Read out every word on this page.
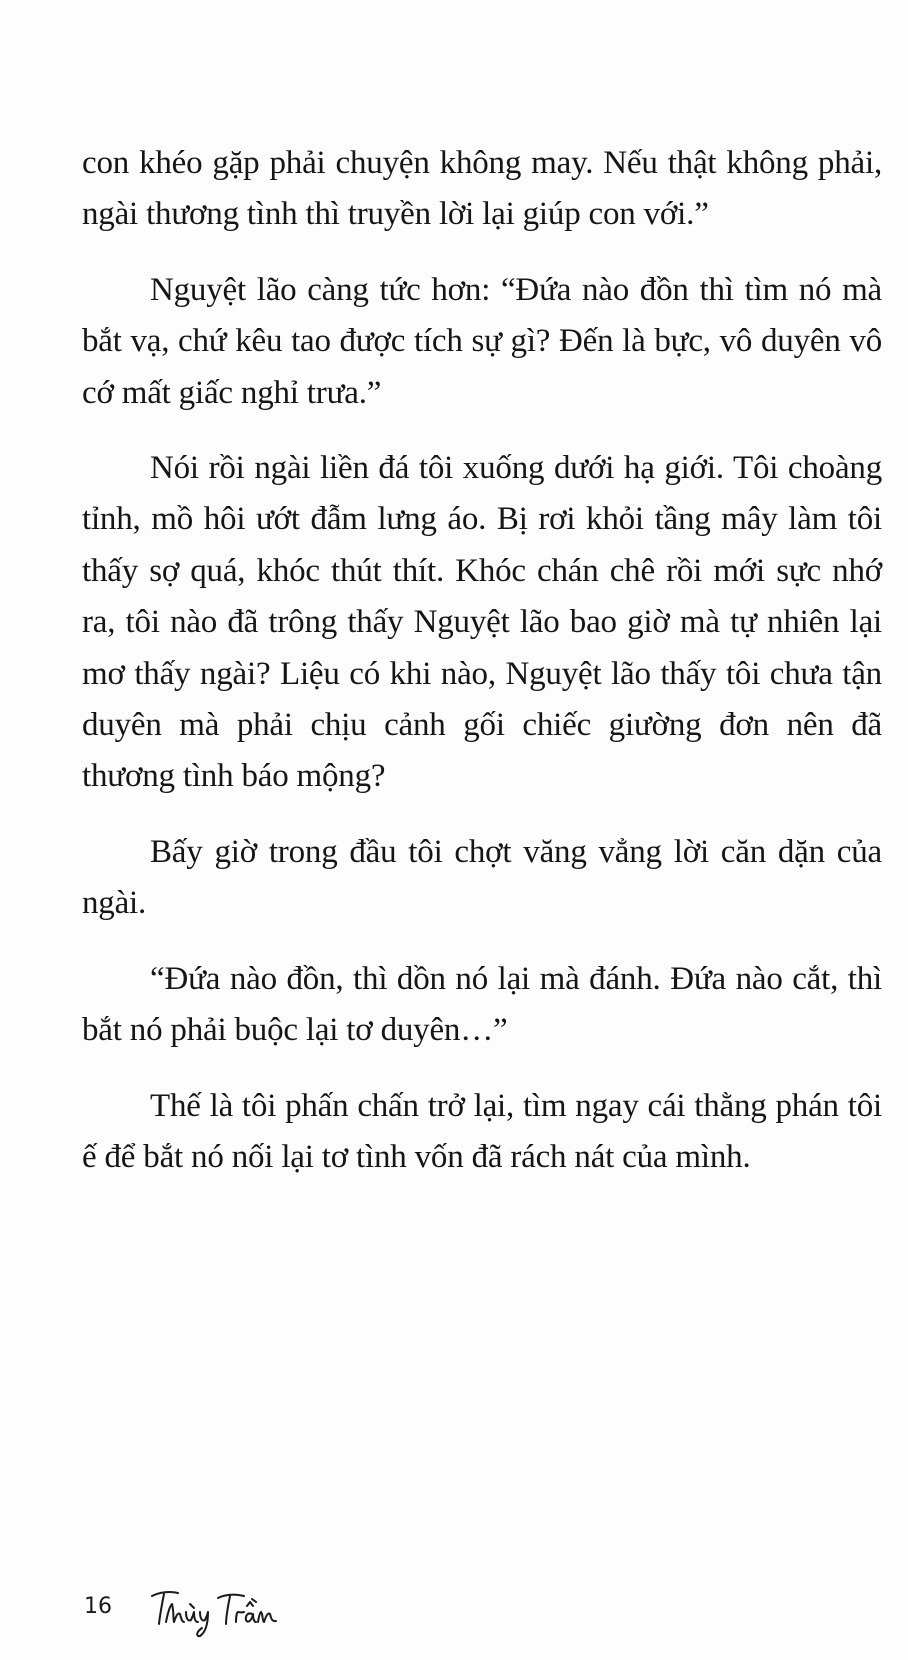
con khéo gặp phải chuyện không may. Nếu thật không phải, ngài thương tình thì truyền lời lại giúp con với.”

Nguyệt lão càng tức hơn: “Đứa nào đồn thì tìm nó mà bắt vạ, chứ kêu tao được tích sự gì? Đến là bực, vô duyên vô cớ mất giấc nghỉ trưa.”

Nói rồi ngài liền đá tôi xuống dưới hạ giới. Tôi choàng tỉnh, mồ hôi ướt đẫm lưng áo. Bị rơi khỏi tầng mây làm tôi thấy sợ quá, khóc thút thít. Khóc chán chê rồi mới sực nhớ ra, tôi nào đã trông thấy Nguyệt lão bao giờ mà tự nhiên lại mơ thấy ngài? Liệu có khi nào, Nguyệt lão thấy tôi chưa tận duyên mà phải chịu cảnh gối chiếc giường đơn nên đã thương tình báo mộng?

Bấy giờ trong đầu tôi chợt văng vẳng lời căn dặn của ngài.

“Đứa nào đồn, thì dồn nó lại mà đánh. Đứa nào cắt, thì bắt nó phải buộc lại tơ duyên…”

Thế là tôi phấn chấn trở lại, tìm ngay cái thằng phán tôi ế để bắt nó nối lại tơ tình vốn đã rách nát của mình.

16
